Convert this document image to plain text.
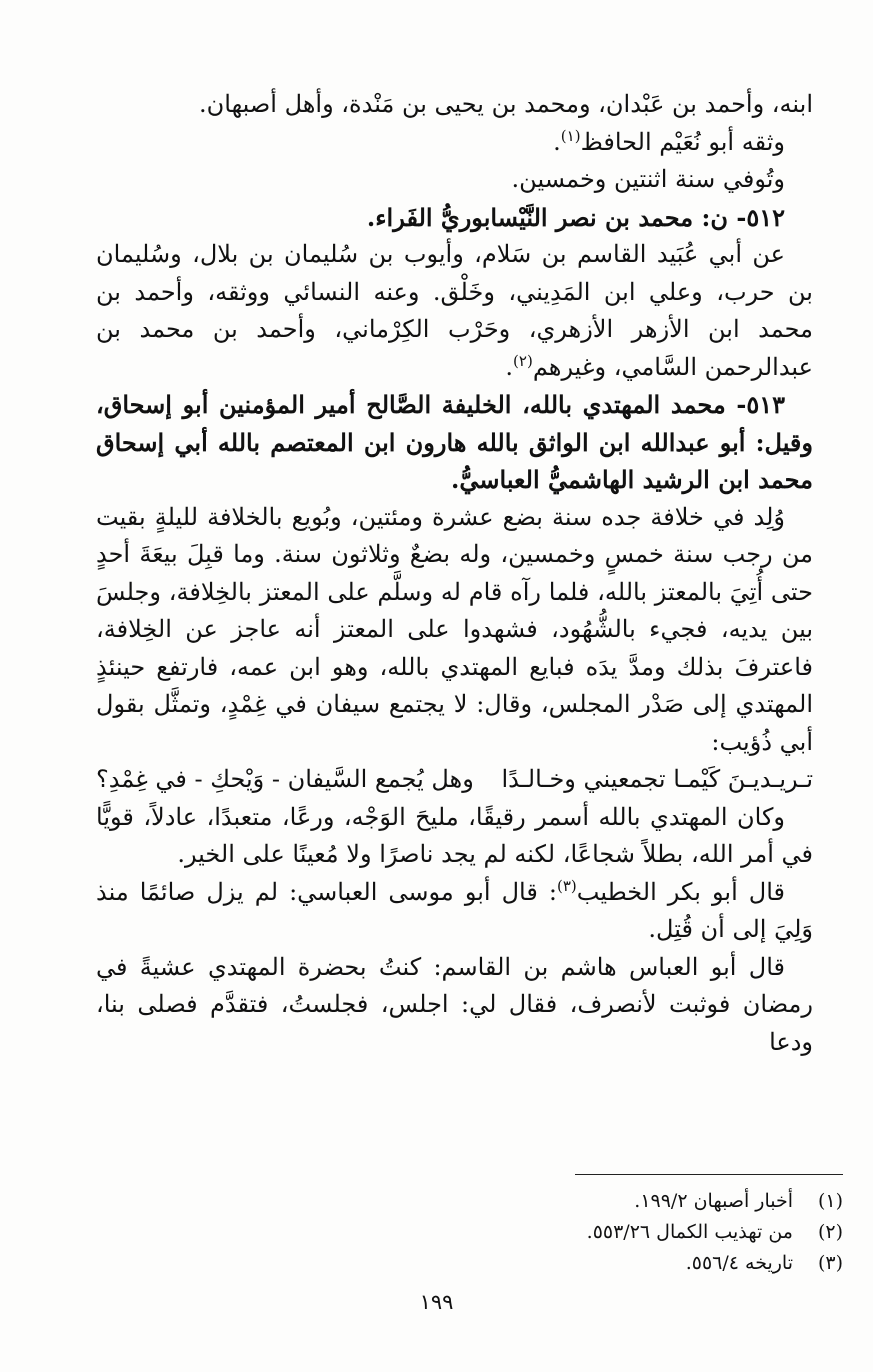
ابنه، وأحمد بن عَبْدان، ومحمد بن يحيى بن مَنْدة، وأهل أصبهان.

وثقه أبو نُعَيْم الحافظ$^{(١)}$.

وتُوفي سنة اثنتين وخمسين.

٥١٢- ن: محمد بن نصر النَّيْسابوريُّ الفَراء.

عن أبي عُبَيد القاسم بن سَلام، وأيوب بن سُليمان بن بلال، وسُليمان بن حرب، وعلي ابن المَدِيني، وخَلْق. وعنه النسائي ووثقه، وأحمد بن محمد ابن الأزهر الأزهري، وحَرْب الكِرْماني، وأحمد بن محمد بن عبدالرحمن السَّامي، وغيرهم$^{(٢)}$.

٥١٣- محمد المهتدي بالله، الخليفة الصَّالح أمير المؤمنين أبو إسحاق، وقيل: أبو عبدالله ابن الواثق بالله هارون ابن المعتصم بالله أبي إسحاق محمد ابن الرشيد الهاشميُّ العباسيُّ.

وُلِد في خلافة جده سنة بضع عشرة ومئتين، وبُويع بالخلافة لليلةٍ بقيت من رجب سنة خمسٍ وخمسين، وله بضعٌ وثلاثون سنة. وما قبِلَ بيعَةَ أحدٍ حتى أُتِيَ بالمعتز بالله، فلما رآه قام له وسلَّم على المعتز بالخِلافة، وجلسَ بين يديه، فجيء بالشُّهُود، فشهدوا على المعتز أنه عاجز عن الخِلافة، فاعترفَ بذلك ومدَّ يدَه فبايع المهتدي بالله، وهو ابن عمه، فارتفع حينئذٍ المهتدي إلى صَدْر المجلس، وقال: لا يجتمع سيفان في غِمْدٍ، وتمثَّل بقول أبي ذُؤيب:

تـريـديـنَ كَيْمـا تجمعيني وخـالـدًا
وهل يُجمع السَّيفان - وَيْحكِ - في غِمْدِ؟

وكان المهتدي بالله أسمر رقيقًا، مليحَ الوَجْه، ورعًا، متعبدًا، عادلاً، قويًّا في أمر الله، بطلاً شجاعًا، لكنه لم يجد ناصرًا ولا مُعينًا على الخير.

قال أبو بكر الخطيب$^{(٣)}$: قال أبو موسى العباسي: لم يزل صائمًا منذ وَلِيَ إلى أن قُتِل.

قال أبو العباس هاشم بن القاسم: كنتُ بحضرة المهتدي عشيةً في رمضان فوثبت لأنصرف، فقال لي: اجلس، فجلستُ، فتقدَّم فصلى بنا، ودعا

(١)أخبار أصبهان ١٩٩/٢.

(٢)من تهذيب الكمال ٥٥٣/٢٦.

(٣)تاريخه ٥٥٦/٤.

١٩٩
